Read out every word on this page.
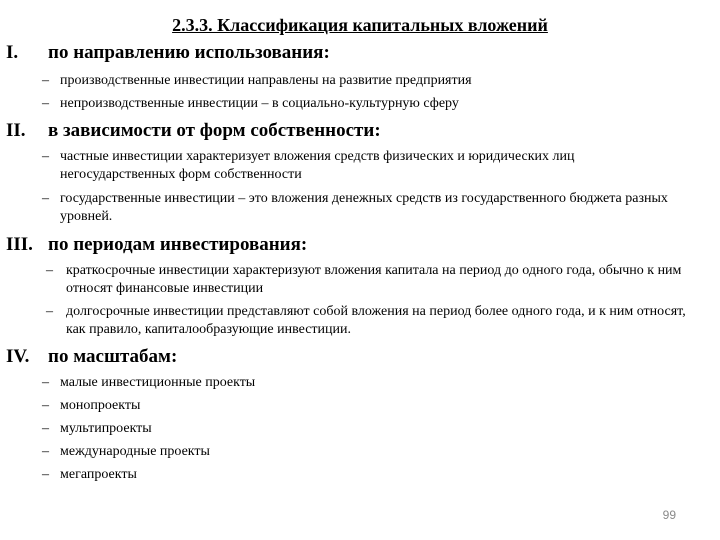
2.3.3. Классификация капитальных вложений
I. по направлению использования:
– производственные инвестиции направлены на развитие предприятия
– непроизводственные инвестиции – в социально-культурную сферу
II. в зависимости от форм собственности:
– частные инвестиции характеризует вложения средств физических и юридических лиц негосударственных форм собственности
– государственные инвестиции – это вложения денежных средств из государственного бюджета разных уровней.
III. по периодам инвестирования:
– краткосрочные инвестиции характеризуют вложения капитала на период до одного года, обычно к ним относят финансовые инвестиции
– долгосрочные инвестиции представляют собой вложения на период более одного года, и к ним относят, как правило, капиталообразующие инвестиции.
IV. по масштабам:
– малые инвестиционные проекты
– монопроекты
– мультипроекты
– международные проекты
– мегапроекты
99
